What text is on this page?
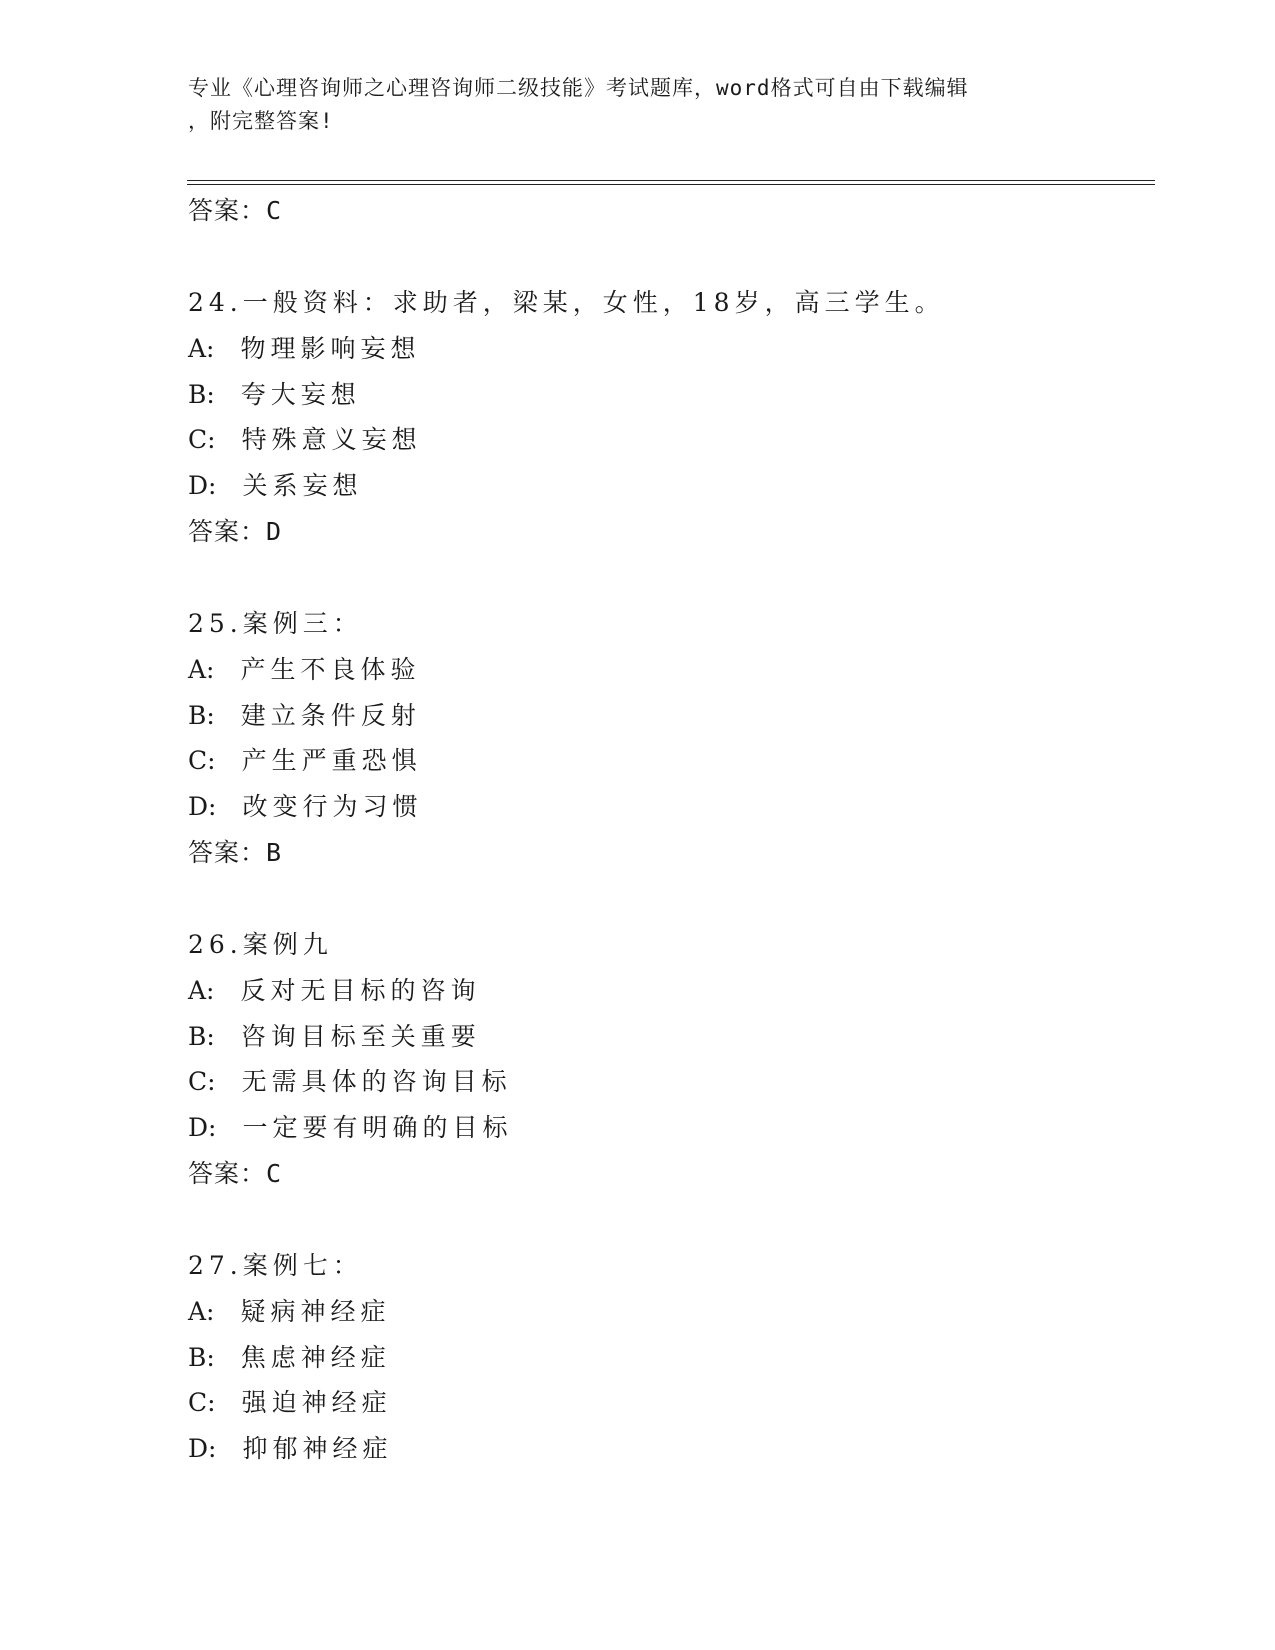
专业《心理咨询师之心理咨询师二级技能》考试题库，word格式可自由下载编辑
，附完整答案!
答案：C
24.一般资料：求助者，梁某，女性，18岁，高三学生。
A: 物理影响妄想
B: 夸大妄想
C: 特殊意义妄想
D: 关系妄想
答案：D
25.案例三：
A: 产生不良体验
B: 建立条件反射
C: 产生严重恐惧
D: 改变行为习惯
答案：B
26.案例九
A: 反对无目标的咨询
B: 咨询目标至关重要
C: 无需具体的咨询目标
D: 一定要有明确的目标
答案：C
27.案例七：
A: 疑病神经症
B: 焦虑神经症
C: 强迫神经症
D: 抑郁神经症
